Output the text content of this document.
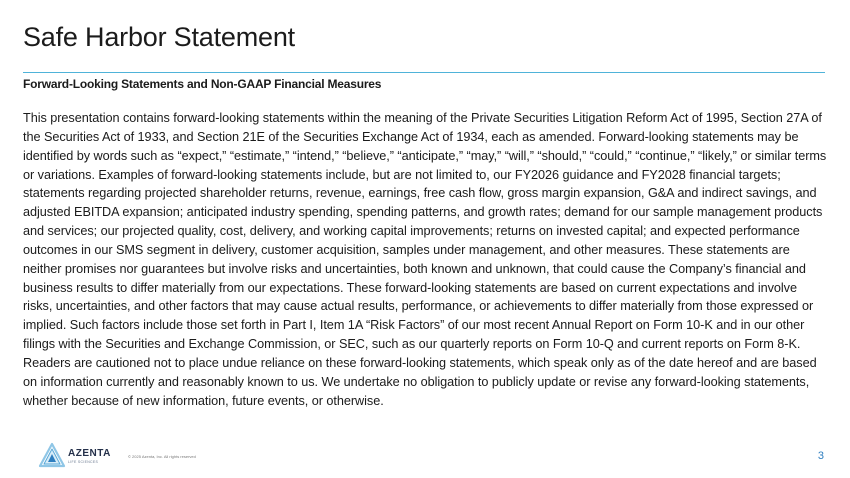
Safe Harbor Statement
Forward-Looking Statements and Non-GAAP Financial Measures

This presentation contains forward-looking statements within the meaning of the Private Securities Litigation Reform Act of 1995, Section 27A of the Securities Act of 1933, and Section 21E of the Securities Exchange Act of 1934, each as amended. Forward-looking statements may be identified by words such as “expect,” “estimate,” “intend,” “believe,” “anticipate,” “may,” “will,” “should,” “could,” “continue,” “likely,” or similar terms or variations. Examples of forward-looking statements include, but are not limited to, our FY2026 guidance and FY2028 financial targets; statements regarding projected shareholder returns, revenue, earnings, free cash flow, gross margin expansion, G&A and indirect savings, and adjusted EBITDA expansion; anticipated industry spending, spending patterns, and growth rates; demand for our sample management products and services; our projected quality, cost, delivery, and working capital improvements; returns on invested capital; and expected performance outcomes in our SMS segment in delivery, customer acquisition, samples under management, and other measures. These statements are neither promises nor guarantees but involve risks and uncertainties, both known and unknown, that could cause the Company’s financial and business results to differ materially from our expectations. These forward-looking statements are based on current expectations and involve risks, uncertainties, and other factors that may cause actual results, performance, or achievements to differ materially from those expressed or implied. Such factors include those set forth in Part I, Item 1A “Risk Factors” of our most recent Annual Report on Form 10-K and in our other filings with the Securities and Exchange Commission, or SEC, such as our quarterly reports on Form 10-Q and current reports on Form 8-K. Readers are cautioned not to place undue reliance on these forward-looking statements, which speak only as of the date hereof and are based on information currently and reasonably known to us. We undertake no obligation to publicly update or revise any forward-looking statements, whether because of new information, future events, or otherwise.

AZENTA
LIFE SCIENCES
© 2025 Azenta, Inc. All rights reserved	3
